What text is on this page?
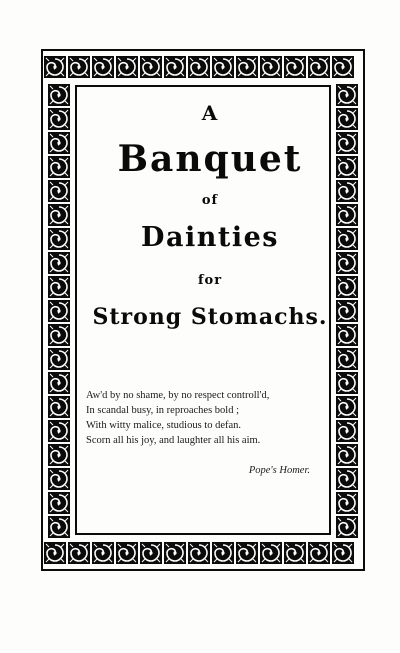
A
Banquet
of
Dainties
for
Strong Stomachs.
Aw'd by no shame, by no respect controll'd,
In scandal busy, in reproaches bold ;
With witty malice, studious to defan.
Scorn all his joy, and laughter all his aim.
Pope's Homer.
